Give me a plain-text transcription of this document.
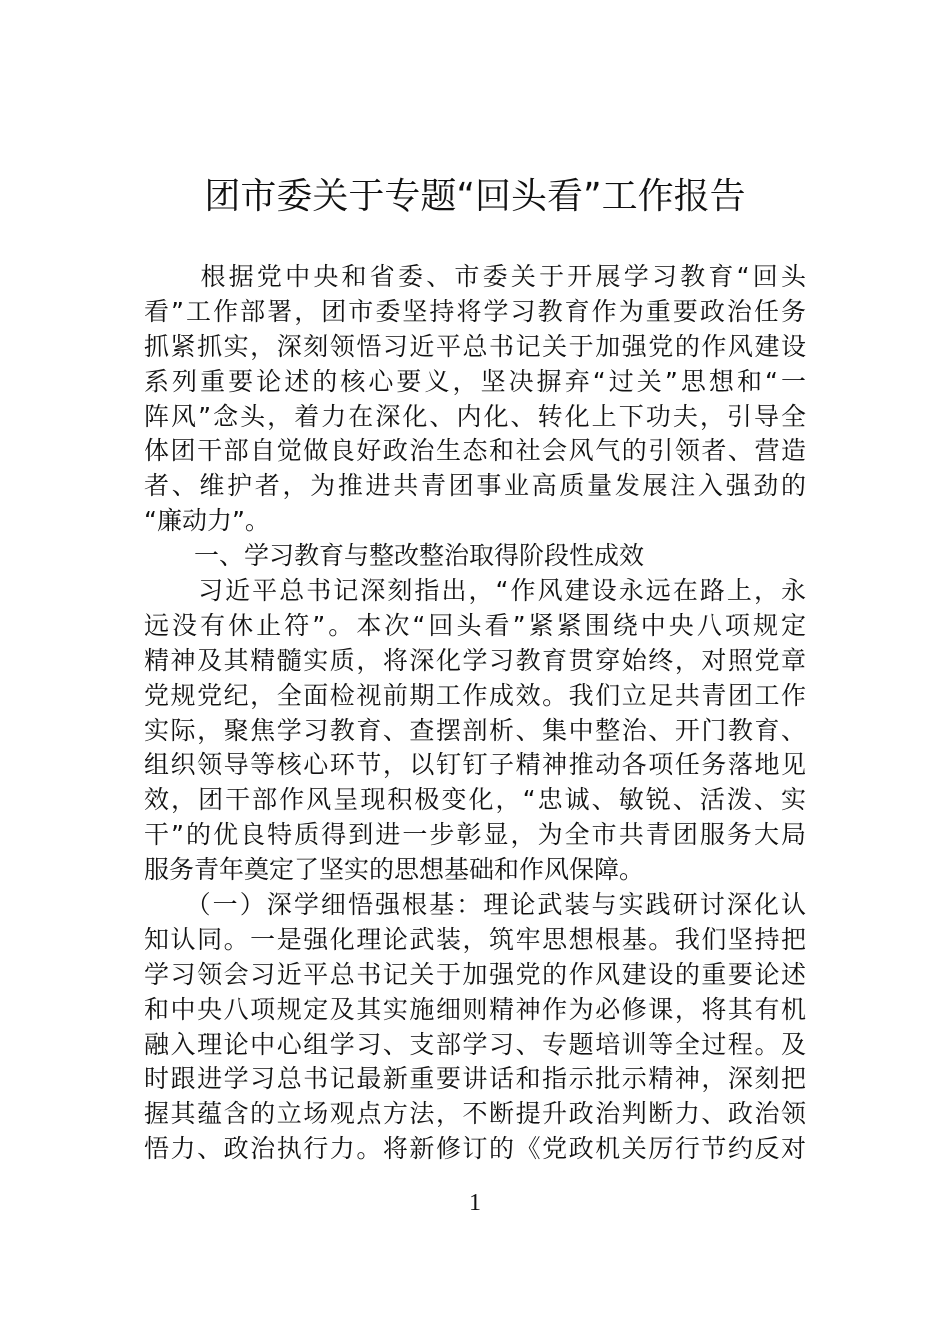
团市委关于专题“回头看”工作报告
　　根据党中央和省委、市委关于开展学习教育“回头
看”工作部署，团市委坚持将学习教育作为重要政治任务
抓紧抓实，深刻领悟习近平总书记关于加强党的作风建设
系列重要论述的核心要义，坚决摒弃“过关”思想和“一
阵风”念头，着力在深化、内化、转化上下功夫，引导全
体团干部自觉做良好政治生态和社会风气的引领者、营造
者、维护者，为推进共青团事业高质量发展注入强劲的
“廉动力”。
　　一、学习教育与整改整治取得阶段性成效
　　习近平总书记深刻指出，“作风建设永远在路上，永
远没有休止符”。本次“回头看”紧紧围绕中央八项规定
精神及其精髓实质，将深化学习教育贯穿始终，对照党章
党规党纪，全面检视前期工作成效。我们立足共青团工作
实际，聚焦学习教育、查摆剖析、集中整治、开门教育、
组织领导等核心环节，以钉钉子精神推动各项任务落地见
效，团干部作风呈现积极变化，“忠诚、敏锐、活泼、实
干”的优良特质得到进一步彰显，为全市共青团服务大局
服务青年奠定了坚实的思想基础和作风保障。
　　（一）深学细悟强根基：理论武装与实践研讨深化认
知认同。一是强化理论武装，筑牢思想根基。我们坚持把
学习领会习近平总书记关于加强党的作风建设的重要论述
和中央八项规定及其实施细则精神作为必修课，将其有机
融入理论中心组学习、支部学习、专题培训等全过程。及
时跟进学习总书记最新重要讲话和指示批示精神，深刻把
握其蕴含的立场观点方法，不断提升政治判断力、政治领
悟力、政治执行力。将新修订的《党政机关厉行节约反对
1
